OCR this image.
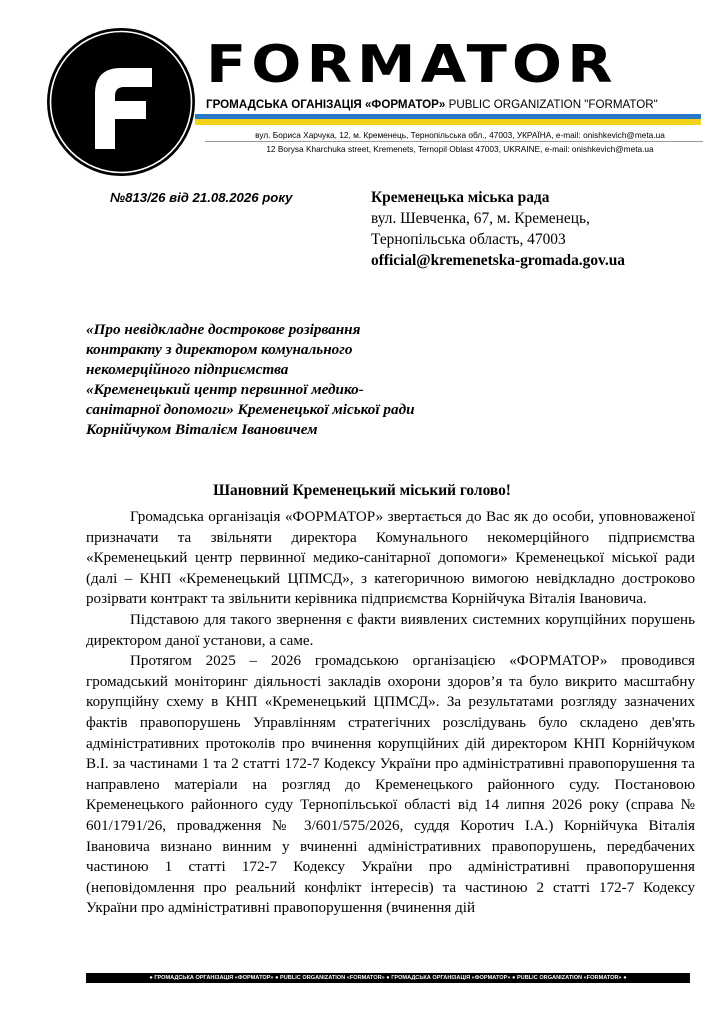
FORMATOR
ГРОМАДСЬКА ОГАНІЗАЦІЯ «ФОРМАТОР» PUBLIC ORGANIZATION "FORMATOR"
вул. Бориса Харчука, 12, м. Кременець, Тернопільська обл., 47003, УКРАЇНА, e-mail: onishkevich@meta.ua
12 Borysa Kharchuka street, Kremenets, Ternopil Oblast 47003, UKRAINE, e-mail: onishkevich@meta.ua
№813/26 від 21.08.2026 року	Кременецька міська рада
вул. Шевченка, 67, м. Кременець,
Тернопільська область, 47003
official@kremenetska-gromada.gov.ua
«Про невідкладне дострокове розірвання
контракту з директором комунального
некомерційного підприємства
«Кременецький центр первинної медико-
санітарної допомоги» Кременецької міської ради
Корнійчуком Віталієм Івановичем
Шановний Кременецький міський голово!

Громадська організація «ФОРМАТОР» звертається до Вас як до особи, уповноваженої призначати та звільняти директора Комунального некомерційного підприємства «Кременецький центр первинної медико-санітарної допомоги» Кременецької міської ради (далі – КНП «Кременецький ЦПМСД», з категоричною вимогою невідкладно достроково розірвати контракт та звільнити керівника підприємства Корнійчука Віталія Івановича.

Підставою для такого звернення є факти виявлених системних корупційних порушень директором даної установи, а саме.

Протягом 2025 – 2026 громадською організацією «ФОРМАТОР» проводився громадський моніторинг діяльності закладів охорони здоров’я та було викрито масштабну корупційну схему в КНП «Кременецький ЦПМСД». За результатами розгляду зазначених фактів правопорушень Управлінням стратегічних розслідувань було складено дев'ять адміністративних протоколів про вчинення корупційних дій директором КНП Корнійчуком В.І. за частинами 1 та 2 статті 172-7 Кодексу України про адміністративні правопорушення та направлено матеріали на розгляд до Кременецького районного суду. Постановою Кременецького районного суду Тернопільської області від 14 липня 2026 року (справа № 601/1791/26, провадження № 3/601/575/2026, суддя Коротич І.А.) Корнійчука Віталія Івановича визнано винним у вчиненні адміністративних правопорушень, передбачених частиною 1 статті 172-7 Кодексу України про адміністративні правопорушення (неповідомлення про реальний конфлікт інтересів) та частиною 2 статті 172-7 Кодексу України про адміністративні правопорушення (вчинення дій

● ГРОМАДСЬКА ОРГАНІЗАЦІЯ «ФОРМАТОР» ● PUBLIC ORGANIZATION «FORMATOR» ● ГРОМАДСЬКА ОРГАНІЗАЦІЯ «ФОРМАТОР» ● PUBLIC ORGANIZATION «FORMATOR» ●
